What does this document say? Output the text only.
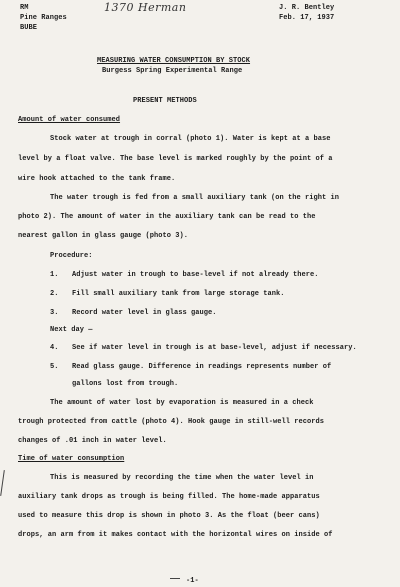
RM
Pine Ranges
BUBE
1370 Herman	J. R. Bentley
Feb. 17, 1937
MEASURING WATER CONSUMPTION BY STOCK
Burgess Spring Experimental Range
PRESENT METHODS
Amount of water consumed
Stock water at trough in corral (photo 1). Water is kept at a base
level by a float valve. The base level is marked roughly by the point of a
wire hook attached to the tank frame.
The water trough is fed from a small auxiliary tank (on the right in
photo 2). The amount of water in the auxiliary tank can be read to the
nearest gallon in glass gauge (photo 3).
Procedure:
1. Adjust water in trough to base-level if not already there.
2. Fill small auxiliary tank from large storage tank.
3. Record water level in glass gauge.
Next day —
4. See if water level in trough is at base-level, adjust if necessary.
5. Read glass gauge. Difference in readings represents number of
gallons lost from trough.
The amount of water lost by evaporation is measured in a check
trough protected from cattle (photo 4). Hook gauge in still-well records
changes of .01 inch in water level.
Time of water consumption
This is measured by recording the time when the water level in
auxiliary tank drops as trough is being filled. The home-made apparatus
used to measure this drop is shown in photo 3. As the float (beer cans)
drops, an arm from it makes contact with the horizontal wires on inside of
-1-
